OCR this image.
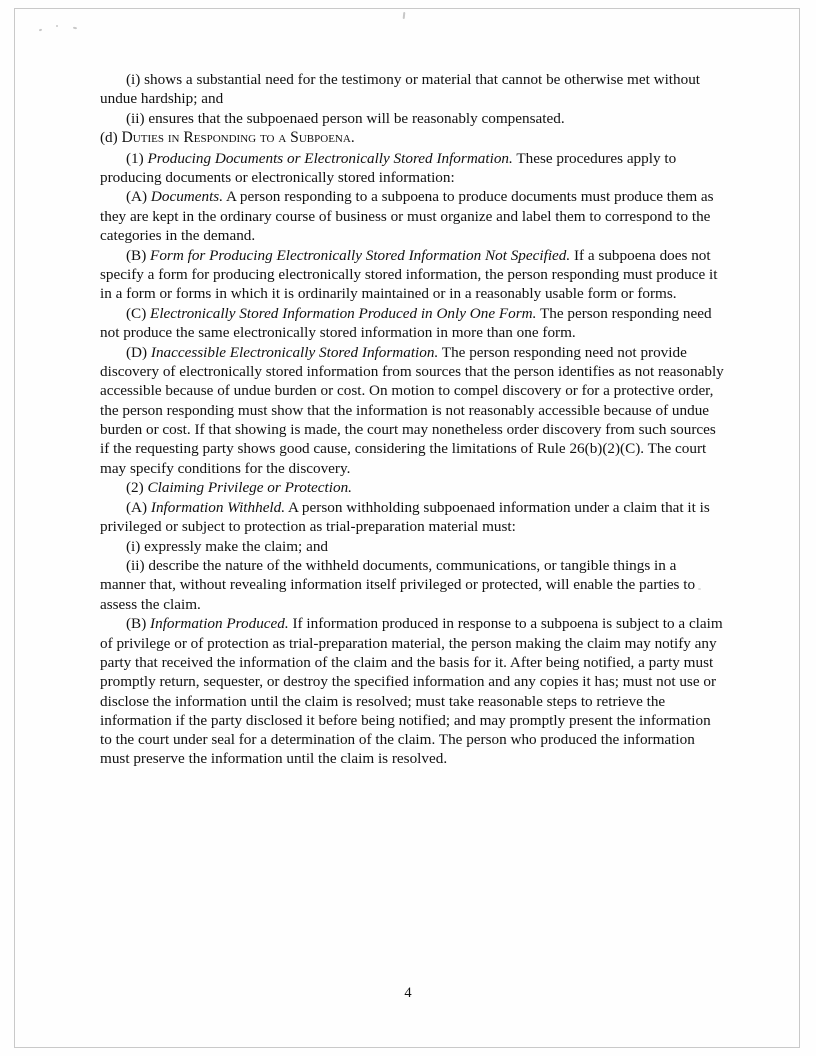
(i) shows a substantial need for the testimony or material that cannot be otherwise met without undue hardship; and

(ii) ensures that the subpoenaed person will be reasonably compensated.

(d) Duties in Responding to a Subpoena.

(1) Producing Documents or Electronically Stored Information. These procedures apply to producing documents or electronically stored information:

(A) Documents. A person responding to a subpoena to produce documents must produce them as they are kept in the ordinary course of business or must organize and label them to correspond to the categories in the demand.

(B) Form for Producing Electronically Stored Information Not Specified. If a subpoena does not specify a form for producing electronically stored information, the person responding must produce it in a form or forms in which it is ordinarily maintained or in a reasonably usable form or forms.

(C) Electronically Stored Information Produced in Only One Form. The person responding need not produce the same electronically stored information in more than one form.

(D) Inaccessible Electronically Stored Information. The person responding need not provide discovery of electronically stored information from sources that the person identifies as not reasonably accessible because of undue burden or cost. On motion to compel discovery or for a protective order, the person responding must show that the information is not reasonably accessible because of undue burden or cost. If that showing is made, the court may nonetheless order discovery from such sources if the requesting party shows good cause, considering the limitations of Rule 26(b)(2)(C). The court may specify conditions for the discovery.

(2) Claiming Privilege or Protection.

(A) Information Withheld. A person withholding subpoenaed information under a claim that it is privileged or subject to protection as trial-preparation material must:

(i) expressly make the claim; and

(ii) describe the nature of the withheld documents, communications, or tangible things in a manner that, without revealing information itself privileged or protected, will enable the parties to assess the claim.

(B) Information Produced. If information produced in response to a subpoena is subject to a claim of privilege or of protection as trial-preparation material, the person making the claim may notify any party that received the information of the claim and the basis for it. After being notified, a party must promptly return, sequester, or destroy the specified information and any copies it has; must not use or disclose the information until the claim is resolved; must take reasonable steps to retrieve the information if the party disclosed it before being notified; and may promptly present the information to the court under seal for a determination of the claim. The person who produced the information must preserve the information until the claim is resolved.

4
